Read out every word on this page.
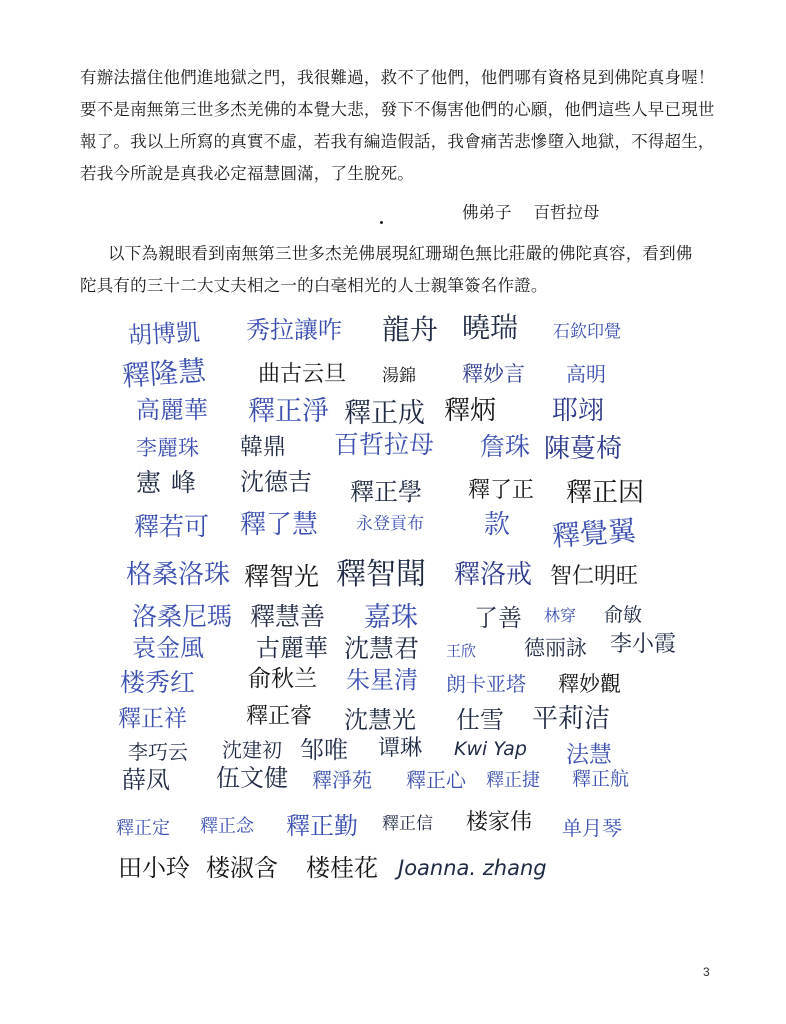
有辦法擋住他們進地獄之門，我很難過，救不了他們，他們哪有資格見到佛陀真身喔！
要不是南無第三世多杰羌佛的本覺大悲，發下不傷害他們的心願，他們這些人早已現世
報了。我以上所寫的真實不虛，若我有編造假話，我會痛苦悲慘墮入地獄，不得超生，
若我今所說是真我必定福慧圓滿，了生脫死。
佛弟子 百哲拉母
以下為親眼看到南無第三世多杰羌佛展現紅珊瑚色無比莊嚴的佛陀真容，看到佛
陀具有的三十二大丈夫相之一的白毫相光的人士親筆簽名作證。
胡博凱 秀拉讓咋 龍舟 曉瑞 石欽印覺
釋隆慧 曲古云旦 湯錦 釋妙言 高明
高麗華 釋正淨 釋正成 釋炳 耶翊
李麗珠 韓鼎 百哲拉母 詹珠 陳蔓椅
憲峰 沈德吉 釋正學 釋了正 釋正因
釋若可 釋了慧 永登貢布 款 釋覺翼
格桑洛珠 釋智光 釋智聞 釋洛戒 智仁明旺
洛桑尼瑪 釋慧善 嘉珠 了善 林穿 俞敏
袁金風 古麗華 沈慧君 王欣 德丽詠 李小霞
楼秀红 俞秋兰 朱星清 朗卡亚塔 釋妙觀
釋正祥	釋正睿 沈慧光 仕雪 平莉洁
李巧云 沈建初 邹唯 谭琳 Kwi Yap 法慧
薛凤 伍文健 釋淨苑 釋正心 釋正捷 釋正航
釋正定 釋正念 釋正勤 釋正信 楼家伟 单月琴
田小玲 楼淑含 楼桂花 Joanna. zhang
3
